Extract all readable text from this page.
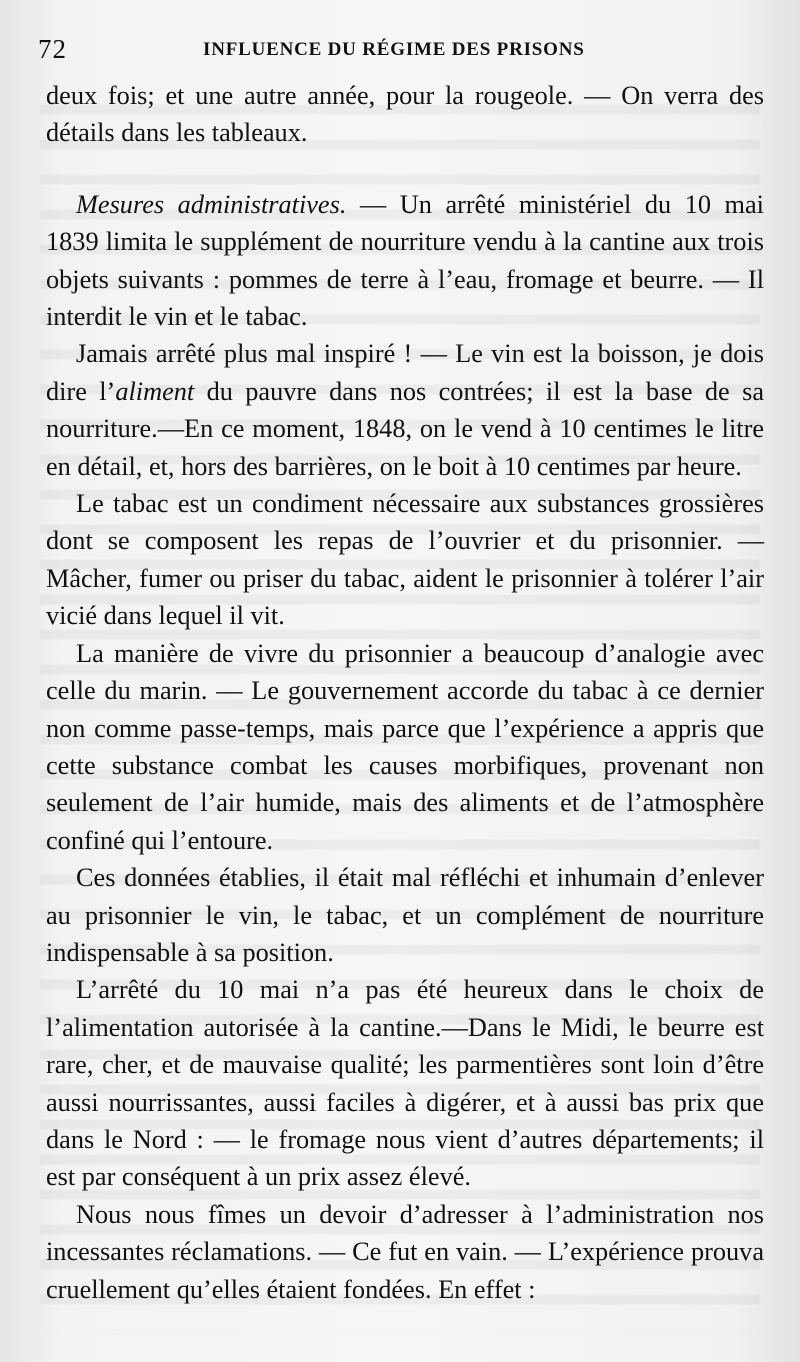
72	INFLUENCE DU RÉGIME DES PRISONS

deux fois; et une autre année, pour la rougeole. — On verra des détails dans les tableaux.

Mesures administratives. — Un arrêté ministériel du 10 mai 1839 limita le supplément de nourriture vendu à la cantine aux trois objets suivants : pommes de terre à l’eau, fromage et beurre. — Il interdit le vin et le tabac.

Jamais arrêté plus mal inspiré ! — Le vin est la boisson, je dois dire l’aliment du pauvre dans nos contrées; il est la base de sa nourriture.—En ce moment, 1848, on le vend à 10 centimes le litre en détail, et, hors des barrières, on le boit à 10 centimes par heure.

Le tabac est un condiment nécessaire aux substances grossières dont se composent les repas de l’ouvrier et du prisonnier. — Mâcher, fumer ou priser du tabac, aident le prisonnier à tolérer l’air vicié dans lequel il vit.

La manière de vivre du prisonnier a beaucoup d’analogie avec celle du marin. — Le gouvernement accorde du tabac à ce dernier non comme passe-temps, mais parce que l’expérience a appris que cette substance combat les causes morbifiques, provenant non seulement de l’air humide, mais des aliments et de l’atmosphère confiné qui l’entoure.

Ces données établies, il était mal réfléchi et inhumain d’enlever au prisonnier le vin, le tabac, et un complément de nourriture indispensable à sa position.

L’arrêté du 10 mai n’a pas été heureux dans le choix de l’alimentation autorisée à la cantine.—Dans le Midi, le beurre est rare, cher, et de mauvaise qualité; les parmentières sont loin d’être aussi nourrissantes, aussi faciles à digérer, et à aussi bas prix que dans le Nord : — le fromage nous vient d’autres départements; il est par conséquent à un prix assez élevé.

Nous nous fîmes un devoir d’adresser à l’administration nos incessantes réclamations. — Ce fut en vain. — L’expérience prouva cruellement qu’elles étaient fondées. En effet :
